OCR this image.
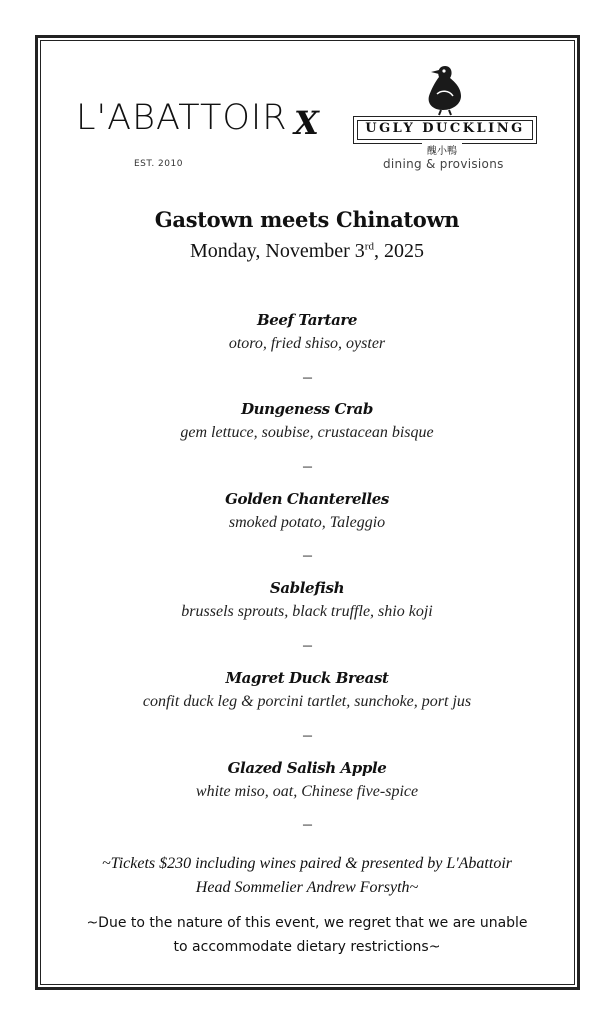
L'ABATTOIR
EST. 2010
X	UGLY DUCKLING
醜小鴨
dining & provisions
Gastown meets Chinatown
Monday, November 3rd, 2025
Beef Tartare
otoro, fried shiso, oyster
---
Dungeness Crab
gem lettuce, soubise, crustacean bisque
---
Golden Chanterelles
smoked potato, Taleggio
---
Sablefish
brussels sprouts, black truffle, shio koji
---
Magret Duck Breast
confit duck leg & porcini tartlet, sunchoke, port jus
---
Glazed Salish Apple
white miso, oat, Chinese five-spice
---
~Tickets $230 including wines paired & presented by L'Abattoir
Head Sommelier Andrew Forsyth~
~Due to the nature of this event, we regret that we are unable
to accommodate dietary restrictions~
